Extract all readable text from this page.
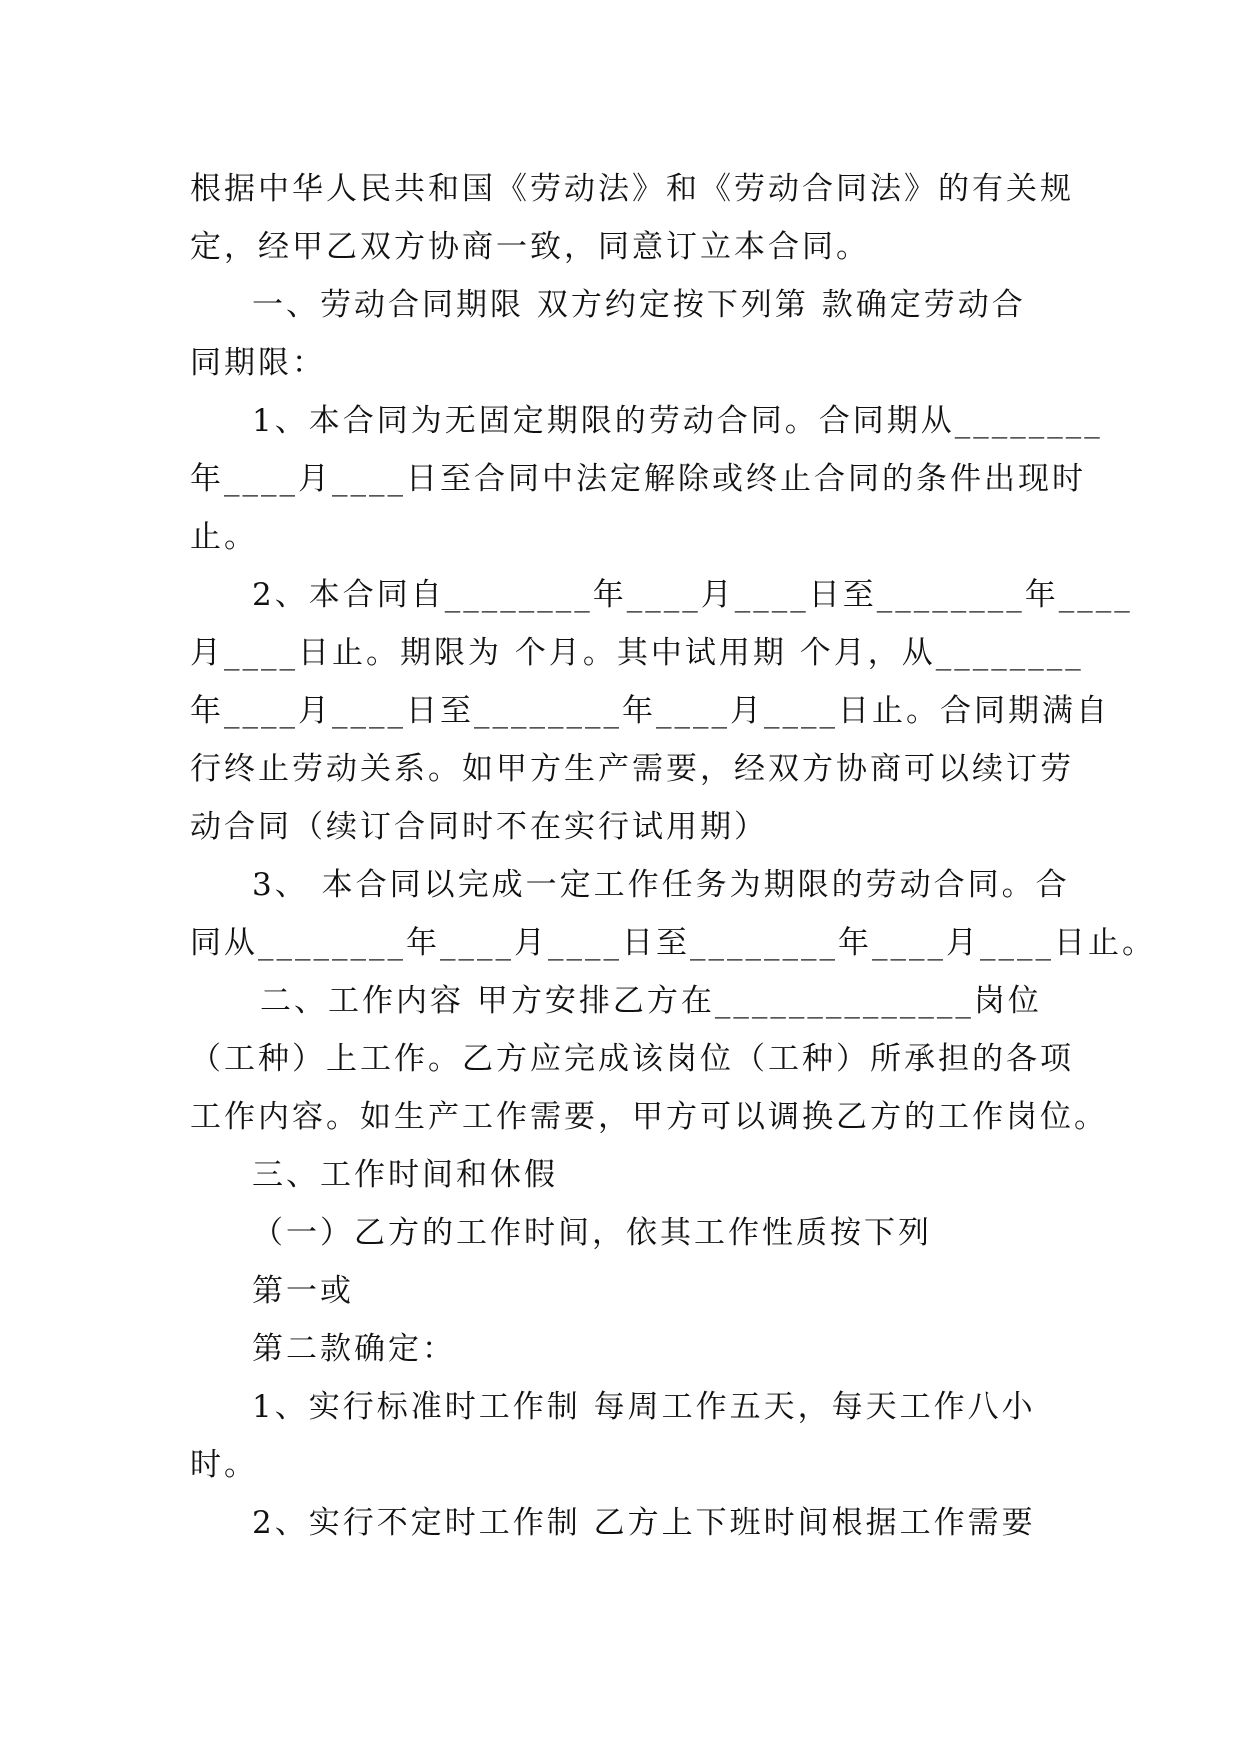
根据中华人民共和国《劳动法》和《劳动合同法》的有关规
定，经甲乙双方协商一致，同意订立本合同。
一、劳动合同期限 双方约定按下列第 款确定劳动合
同期限：
1、本合同为无固定期限的劳动合同。合同期从________
年____月____日至合同中法定解除或终止合同的条件出现时
止。
2、本合同自________年____月____日至________年____
月____日止。期限为 个月。其中试用期 个月，从________
年____月____日至________年____月____日止。合同期满自
行终止劳动关系。如甲方生产需要，经双方协商可以续订劳
动合同（续订合同时不在实行试用期）
3、 本合同以完成一定工作任务为期限的劳动合同。合
同从________年____月____日至________年____月____日止。
二、工作内容 甲方安排乙方在______________岗位
（工种）上工作。乙方应完成该岗位（工种）所承担的各项
工作内容。如生产工作需要，甲方可以调换乙方的工作岗位。
三、工作时间和休假
（一）乙方的工作时间，依其工作性质按下列
第一或
第二款确定：
1、实行标准时工作制 每周工作五天，每天工作八小
时。
2、实行不定时工作制 乙方上下班时间根据工作需要
